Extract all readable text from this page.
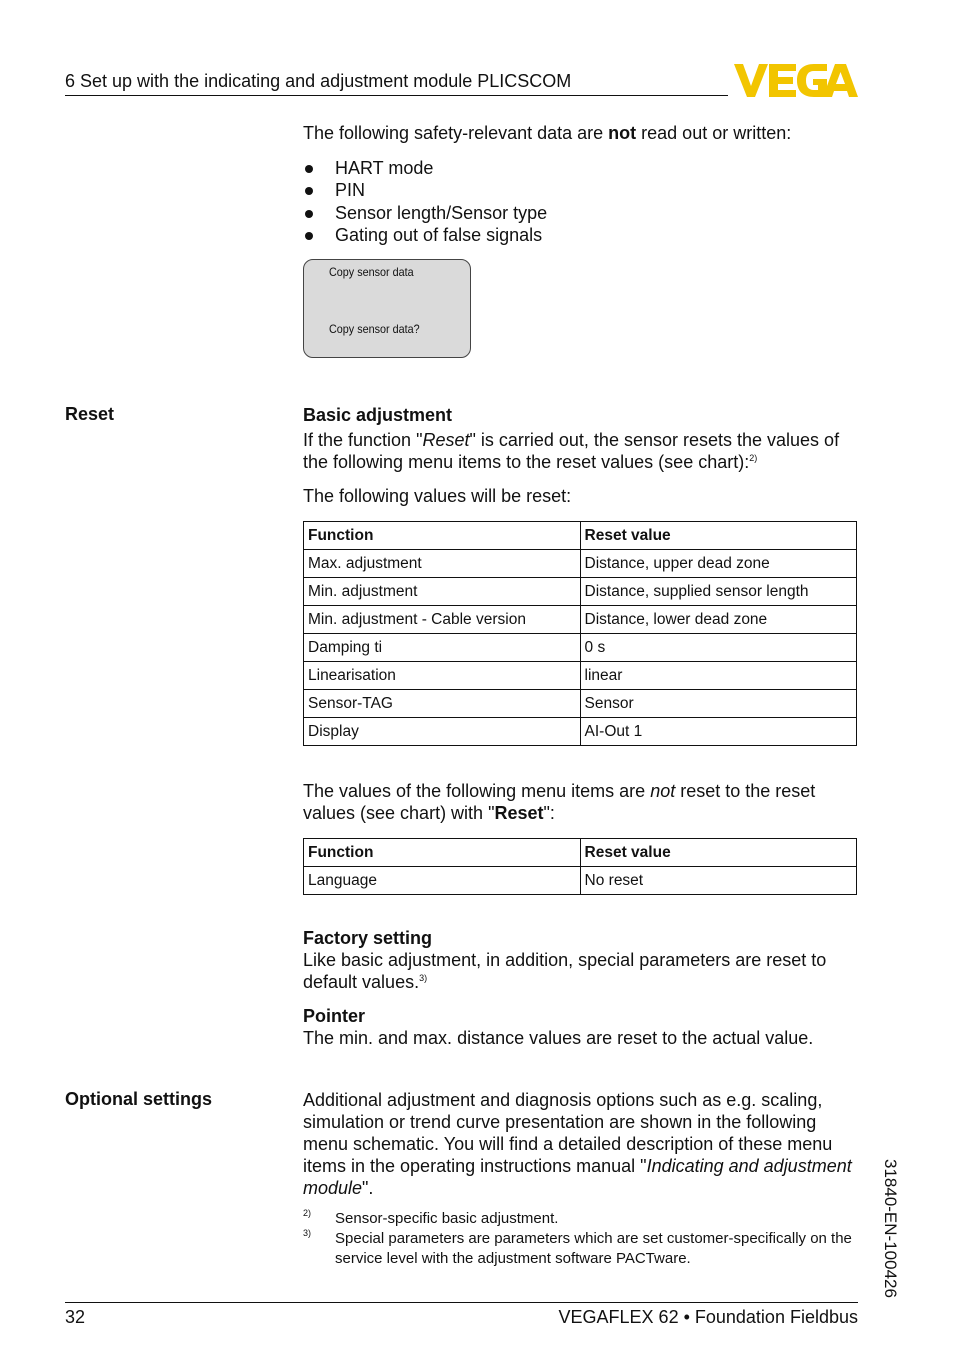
6 Set up with the indicating and adjustment module PLICSCOM
The following safety-relevant data are not read out or written:
HART mode
PIN
Sensor length/Sensor type
Gating out of false signals
Copy sensor data
Copy sensor data?
Reset	Basic adjustment
If the function "Reset" is carried out, the sensor resets the values of the following menu items to the reset values (see chart):$^{2)}$
The following values will be reset:
Function	Reset value
Max. adjustment	Distance, upper dead zone
Min. adjustment	Distance, supplied sensor length
Min. adjustment - Cable version	Distance, lower dead zone
Damping ti	0 s
Linearisation	linear
Sensor-TAG	Sensor
Display	AI-Out 1
The values of the following menu items are not reset to the reset values (see chart) with "Reset":
Function	Reset value
Language	No reset
Factory setting
Like basic adjustment, in addition, special parameters are reset to default values.$^{3)}$
Pointer
The min. and max. distance values are reset to the actual value.
Optional settings	Additional adjustment and diagnosis options such as e.g. scaling, simulation or trend curve presentation are shown in the following menu schematic. You will find a detailed description of these menu items in the operating instructions manual "Indicating and adjustment module".
2) Sensor-specific basic adjustment.
3) Special parameters are parameters which are set customer-specifically on the service level with the adjustment software PACTware.	31840-EN-100426
32	VEGAFLEX 62 • Foundation Fieldbus
